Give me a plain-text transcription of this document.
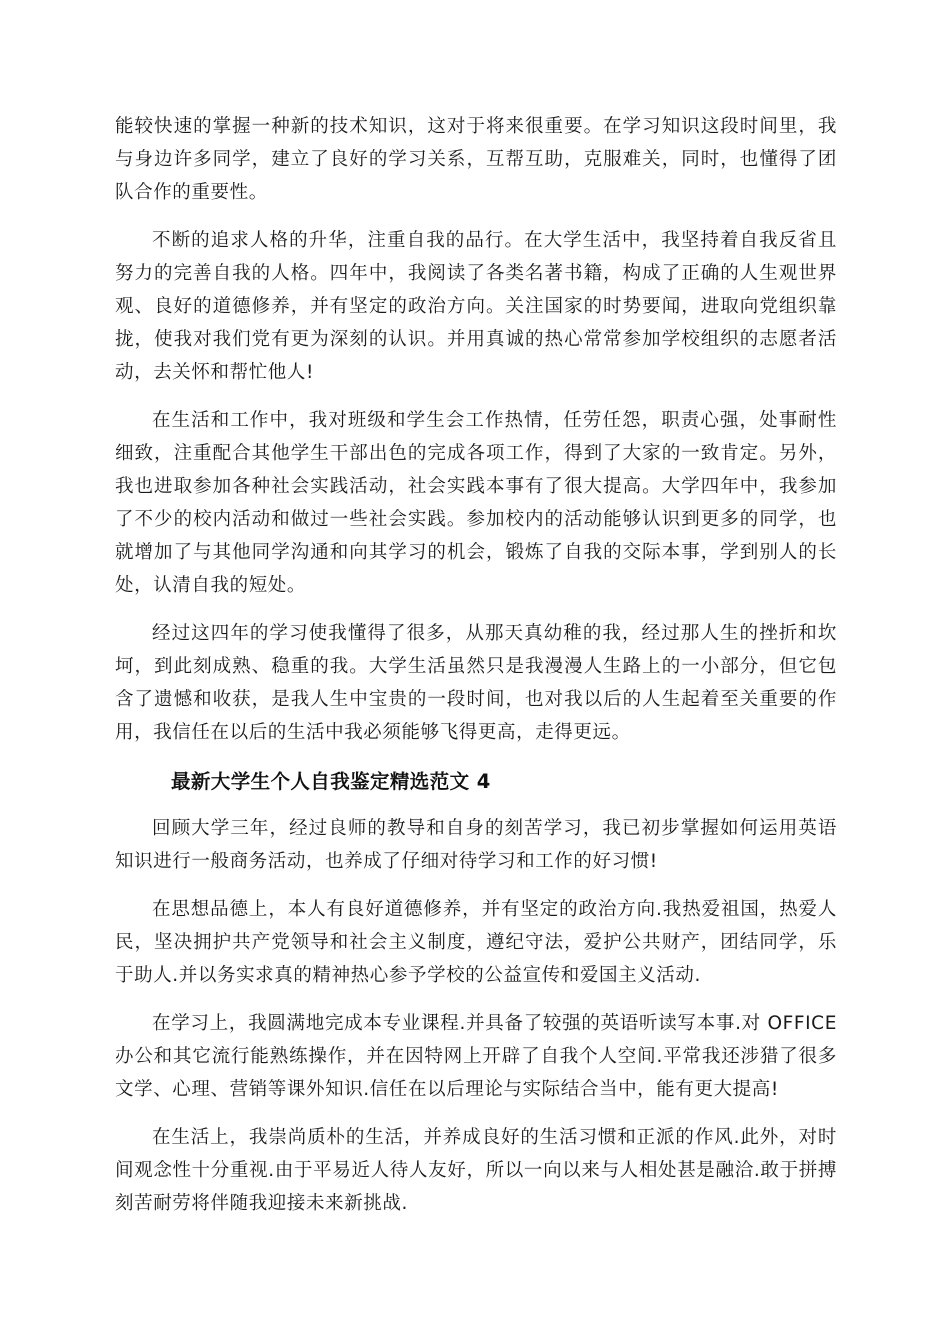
能较快速的掌握一种新的技术知识，这对于将来很重要。在学习知识这段时间里，我与身边许多同学，建立了良好的学习关系，互帮互助，克服难关，同时，也懂得了团队合作的重要性。

不断的追求人格的升华，注重自我的品行。在大学生活中，我坚持着自我反省且努力的完善自我的人格。四年中，我阅读了各类名著书籍，构成了正确的人生观世界观、良好的道德修养，并有坚定的政治方向。关注国家的时势要闻，进取向党组织靠拢，使我对我们党有更为深刻的认识。并用真诚的热心常常参加学校组织的志愿者活动，去关怀和帮忙他人!

在生活和工作中，我对班级和学生会工作热情，任劳任怨，职责心强，处事耐性细致，注重配合其他学生干部出色的完成各项工作，得到了大家的一致肯定。另外，我也进取参加各种社会实践活动，社会实践本事有了很大提高。大学四年中，我参加了不少的校内活动和做过一些社会实践。参加校内的活动能够认识到更多的同学，也就增加了与其他同学沟通和向其学习的机会，锻炼了自我的交际本事，学到别人的长处，认清自我的短处。

经过这四年的学习使我懂得了很多，从那天真幼稚的我，经过那人生的挫折和坎坷，到此刻成熟、稳重的我。大学生活虽然只是我漫漫人生路上的一小部分，但它包含了遗憾和收获，是我人生中宝贵的一段时间，也对我以后的人生起着至关重要的作用，我信任在以后的生活中我必须能够飞得更高，走得更远。

最新大学生个人自我鉴定精选范文 4

回顾大学三年，经过良师的教导和自身的刻苦学习，我已初步掌握如何运用英语知识进行一般商务活动，也养成了仔细对待学习和工作的好习惯!

在思想品德上，本人有良好道德修养，并有坚定的政治方向.我热爱祖国，热爱人民，坚决拥护共产党领导和社会主义制度，遵纪守法，爱护公共财产，团结同学，乐于助人.并以务实求真的精神热心参予学校的公益宣传和爱国主义活动.

在学习上，我圆满地完成本专业课程.并具备了较强的英语听读写本事.对 OFFICE 办公和其它流行能熟练操作，并在因特网上开辟了自我个人空间.平常我还涉猎了很多文学、心理、营销等课外知识.信任在以后理论与实际结合当中，能有更大提高!

在生活上，我崇尚质朴的生活，并养成良好的生活习惯和正派的作风.此外，对时间观念性十分重视.由于平易近人待人友好，所以一向以来与人相处甚是融洽.敢于拼搏刻苦耐劳将伴随我迎接未来新挑战.
